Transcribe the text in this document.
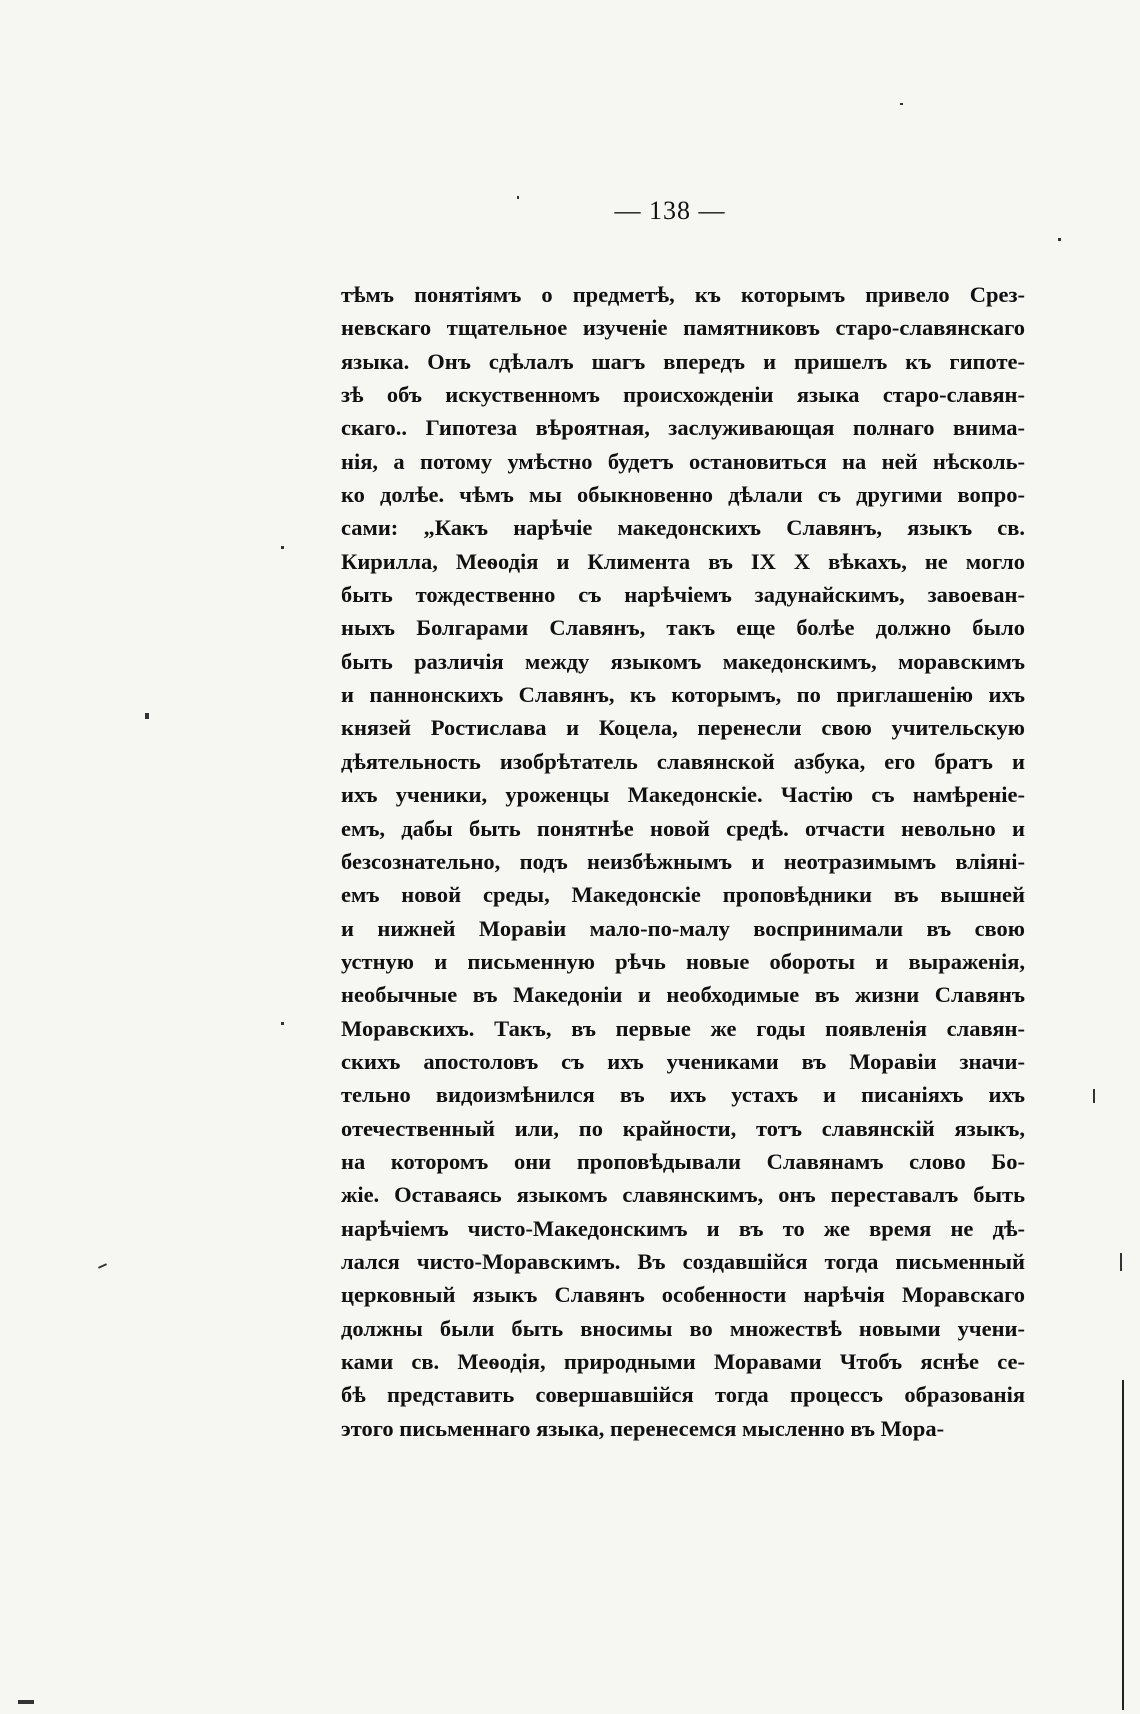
— 138 —
тѣмъ понятіямъ о предметѣ, къ которымъ привело Срез-
невскаго тщательное изученіе памятниковъ старо-славянскаго
языка. Онъ сдѣлалъ шагъ впередъ и пришелъ къ гипоте-
зѣ объ искуственномъ происхожденіи языка старо-славян-
скаго.. Гипотеза вѣроятная, заслуживающая полнаго внима-
нія, а потому умѣстно будетъ остановиться на ней нѣсколь-
ко долѣе. чѣмъ мы обыкновенно дѣлали съ другими вопро-
сами: „Какъ нарѣчіе македонскихъ Славянъ, языкъ св.
Кирилла, Меѳодія и Климента въ IX X вѣкахъ, не могло
быть тождественно съ нарѣчіемъ задунайскимъ, завоеван-
ныхъ Болгарами Славянъ, такъ еще болѣе должно было
быть различія между языкомъ македонскимъ, моравскимъ
и паннонскихъ Славянъ, къ которымъ, по приглашенію ихъ
князей Ростислава и Коцела, перенесли свою учительскую
дѣятельность изобрѣтатель славянской азбука, его братъ и
ихъ ученики, уроженцы Македонскіе. Частію съ намѣреніе-
емъ, дабы быть понятнѣе новой средѣ. отчасти невольно и
безсознательно, подъ неизбѣжнымъ и неотразимымъ вліяні-
емъ новой среды, Македонскіе проповѣдники въ вышней
и нижней Моравіи мало-по-малу воспринимали въ свою
устную и письменную рѣчь новые обороты и выраженія,
необычные въ Македоніи и необходимые въ жизни Славянъ
Моравскихъ. Такъ, въ первые же годы появленія славян-
скихъ апостоловъ съ ихъ учениками въ Моравіи значи-
тельно видоизмѣнился въ ихъ устахъ и писаніяхъ ихъ
отечественный или, по крайности, тотъ славянскій языкъ,
на которомъ они проповѣдывали Славянамъ слово Бо-
жіе. Оставаясь языкомъ славянскимъ, онъ переставалъ быть
нарѣчіемъ чисто-Македонскимъ и въ то же время не дѣ-
лался чисто-Моравскимъ. Въ создавшійся тогда письменный
церковный языкъ Славянъ особенности нарѣчія Моравскаго
должны были быть вносимы во множествѣ новыми учени-
ками св. Меѳодія, природными Моравами Чтобъ яснѣе се-
бѣ представить совершавшійся тогда процессъ образованія
этого письменнаго языка, перенесемся мысленно въ Мора-
